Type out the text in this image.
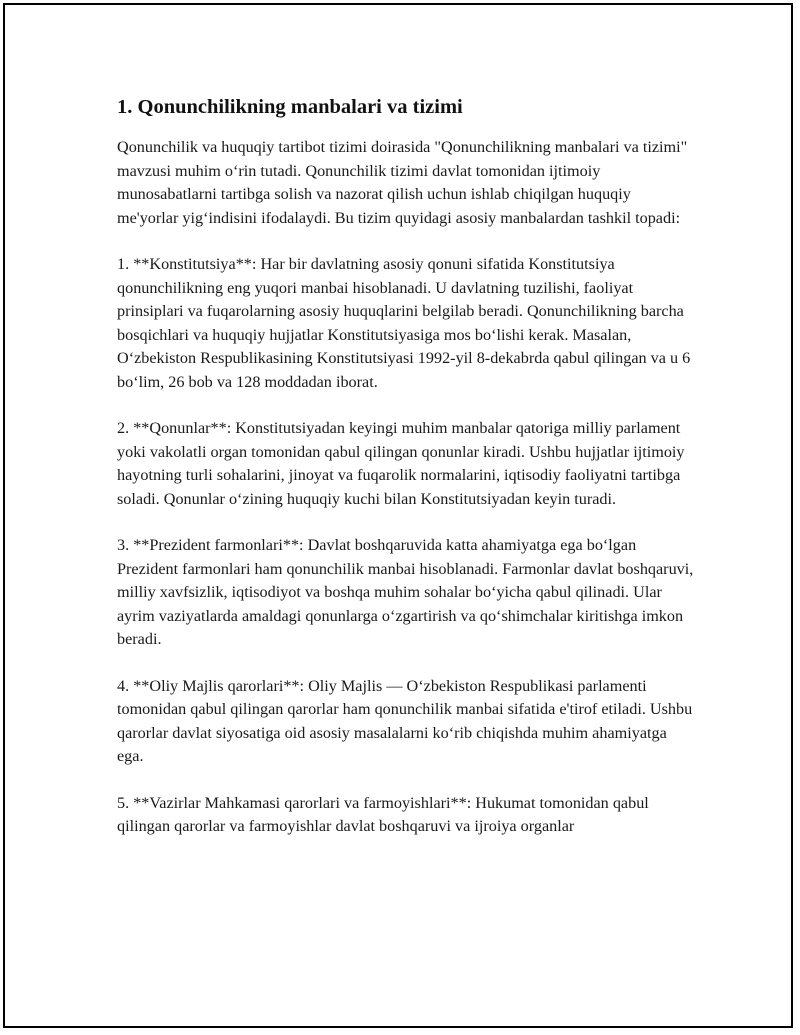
1. Qonunchilikning manbalari va tizimi

Qonunchilik va huquqiy tartibot tizimi doirasida "Qonunchilikning manbalari va tizimi" mavzusi muhim o‘rin tutadi. Qonunchilik tizimi davlat tomonidan ijtimoiy munosabatlarni tartibga solish va nazorat qilish uchun ishlab chiqilgan huquqiy me'yorlar yig‘indisini ifodalaydi. Bu tizim quyidagi asosiy manbalardan tashkil topadi:

1. **Konstitutsiya**: Har bir davlatning asosiy qonuni sifatida Konstitutsiya qonunchilikning eng yuqori manbai hisoblanadi. U davlatning tuzilishi, faoliyat prinsiplari va fuqarolarning asosiy huquqlarini belgilab beradi. Qonunchilikning barcha bosqichlari va huquqiy hujjatlar Konstitutsiyasiga mos bo‘lishi kerak. Masalan, O‘zbekiston Respublikasining Konstitutsiyasi 1992-yil 8-dekabrda qabul qilingan va u 6 bo‘lim, 26 bob va 128 moddadan iborat.

2. **Qonunlar**: Konstitutsiyadan keyingi muhim manbalar qatoriga milliy parlament yoki vakolatli organ tomonidan qabul qilingan qonunlar kiradi. Ushbu hujjatlar ijtimoiy hayotning turli sohalarini, jinoyat va fuqarolik normalarini, iqtisodiy faoliyatni tartibga soladi. Qonunlar o‘zining huquqiy kuchi bilan Konstitutsiyadan keyin turadi.

3. **Prezident farmonlari**: Davlat boshqaruvida katta ahamiyatga ega bo‘lgan Prezident farmonlari ham qonunchilik manbai hisoblanadi. Farmonlar davlat boshqaruvi, milliy xavfsizlik, iqtisodiyot va boshqa muhim sohalar bo‘yicha qabul qilinadi. Ular ayrim vaziyatlarda amaldagi qonunlarga o‘zgartirish va qo‘shimchalar kiritishga imkon beradi.

4. **Oliy Majlis qarorlari**: Oliy Majlis — O‘zbekiston Respublikasi parlamenti tomonidan qabul qilingan qarorlar ham qonunchilik manbai sifatida e'tirof etiladi. Ushbu qarorlar davlat siyosatiga oid asosiy masalalarni ko‘rib chiqishda muhim ahamiyatga ega.

5. **Vazirlar Mahkamasi qarorlari va farmoyishlari**: Hukumat tomonidan qabul qilingan qarorlar va farmoyishlar davlat boshqaruvi va ijroiya organlar
